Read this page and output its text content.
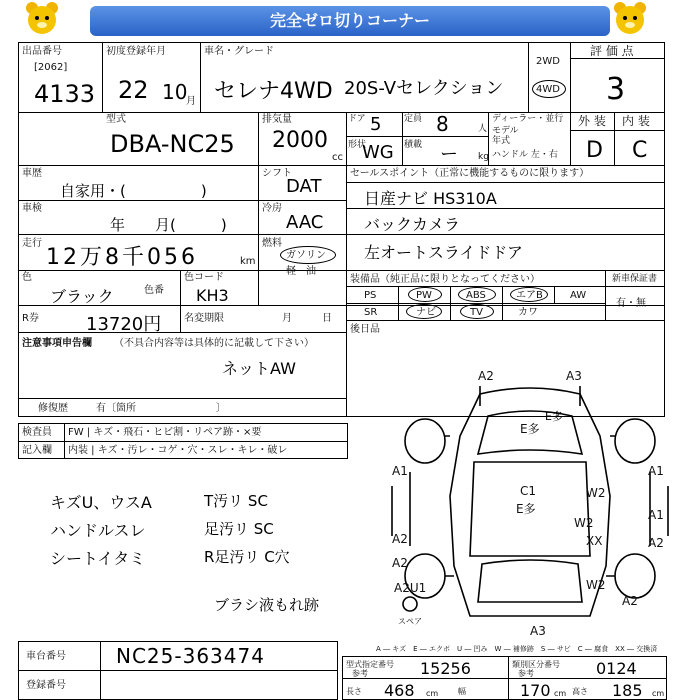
完全ゼロ切りコーナー
出品番号
[2062]
4133
初度登録年月
22 10
月
車名・グレード
セレナ4WD 20S-Vセレクション
2WD
4WD
評 価 点
3
外 装 内 装
D C
型式
DBA-NC25
排気量
2000
cc
ドア 5	定員 8	人
形状
WG 積載 ー kg
ディーラー・並行
モデル
年式
ハンドル 左・右
車歴
自家用・(　　　　　)
車検
年　　月(　　　)
走行
12万8千056	km
色
ブラック	色番
色コード
KH3
R券	13720円 名変期限	月	日
シフト
DAT
冷房
AAC
燃料
ガソリン
軽　油
セールスポイント（正常に機能するものに限ります）
日産ナビ HS310A
バックカメラ
左オートスライドドア
装備品（純正品に限りとなってください）	新車保証書
PS	PW	ABS	エアB	AW
SR	ナビ	TV	カワ
有・無
後日品
注意事項申告欄 （不具合内容等は具体的に記載して下さい）
ネットAW
修復歴	有〔箇所　　　　　　　　〕
検査員 FW | キズ・飛石・ヒビ割・リペア跡・×要
記入欄 内装 | キズ・汚レ・コゲ・穴・スレ・キレ・破レ
キズU、ウスA
ハンドルスレ
シートイタミ
T汚リ SC
足汚リ SC
R足汚リ C穴
ブラシ液もれ跡
E多
A2	A3
E多
A1	A1
C1
E多
W2
A1
W2
A2	A2
XX
A2
A2U1	W2
A2
A3
スペア
A ― キズ　E ― エクボ　U ― 凹み　W ― 補修跡　S ― サビ　C ― 腐食　XX ― 交換済
車台番号	NC25-363474
登録番号
型式指定番号
参考	15256	類別区分番号
参考	0124
長さ 468 cm 幅	170 cm 高さ 185 cm
